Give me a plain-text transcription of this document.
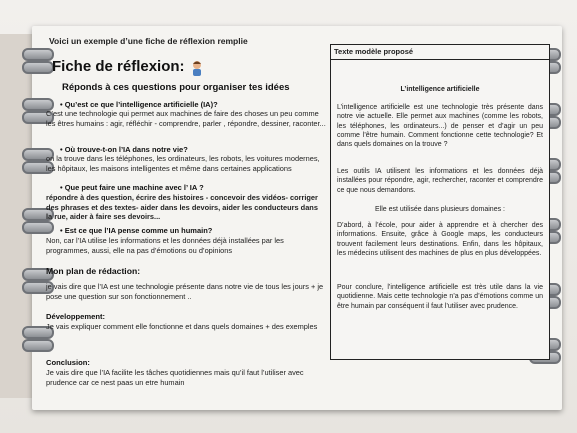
Voici un exemple d’une fiche de réflexion remplie
Fiche de réflexion:
Réponds à ces questions pour organiser tes idées
• Qu’est ce que l’intelligence artificielle (IA)?
C’est une technologie qui permet aux machines de faire des choses un peu comme les êtres humains : agir, réfléchir - comprendre, parler , répondre, dessiner, raconter...
• Où trouve-t-on l’IA dans notre vie?
on la trouve dans les téléphones, les ordinateurs, les robots, les voitures modernes, les hôpitaux, les maisons intelligentes et même dans certaines applications
• Que peut faire une machine avec l’ IA ?
répondre à des question, écrire des histoires - concevoir des vidéos- corriger des phrases et des textes- aider dans les devoirs, aider les conducteurs dans la rue, aider à faire ses devoirs...
• Est ce que l’IA pense comme un humain?
Non, car l’IA utilise les informations et les données déjà installées par les programmes, aussi, elle na pas d’émotions ou d’opinions
Mon plan de rédaction:
je vais dire que l’IA est une technologie présente dans notre vie de tous les jours + je pose une question sur son fonctionnement ..
Développement:
Je vais expliquer comment elle fonctionne et dans quels domaines + des exemples
Conclusion:
Je vais dire que l’IA facilite les tâches quotidiennes mais qu’il faut l’utiliser avec prudence car ce nest paas un etre humain
Texte modèle proposé
L’intelligence artificielle
L’intelligence artificielle est une technologie très présente dans notre vie actuelle. Elle permet aux machines (comme les robots, les téléphones, les ordinateurs...) de penser et d’agir un peu comme l’être humain. Comment fonctionne cette technologie? Et dans quels domaines on la trouve ?
Les outils IA utilisent les informations et les données déjà installées pour répondre, agir, rechercher, raconter et comprendre ce que nous demandons.
Elle est utilisée dans plusieurs domaines :
D’abord, à l’école, pour aider à apprendre et à chercher des informations. Ensuite, grâce à Google maps, les conducteurs trouvent facilement leurs destinations. Enfin, dans les hôpitaux, les médecins utilisent des machines de plus en plus développées.
Pour conclure, l’intelligence artificielle est très utile dans la vie quotidienne. Mais cette technologie n’a pas d’émotions comme un être humain par conséquent il faut l’utiliser avec prudence.
